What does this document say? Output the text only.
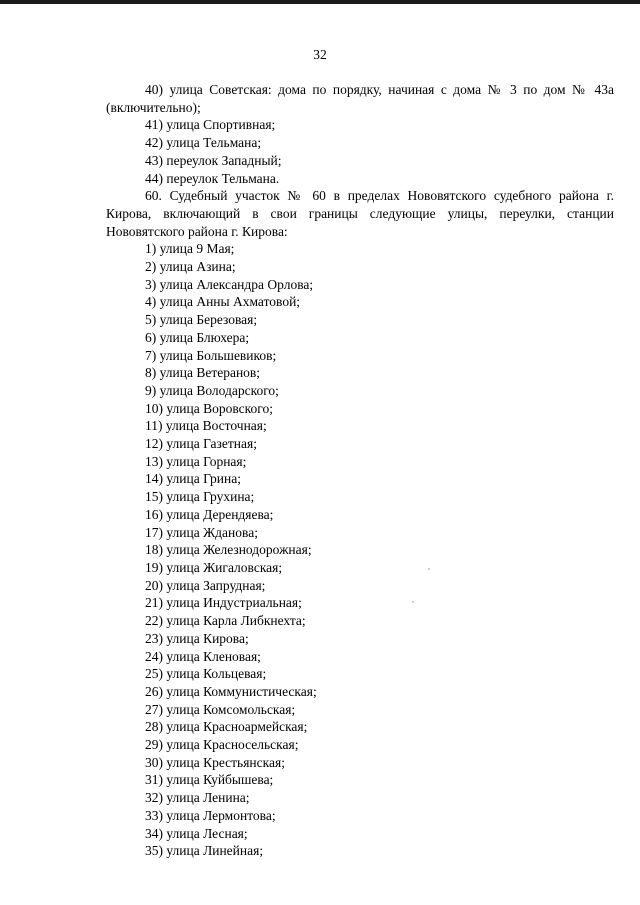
32

40) улица Советская: дома по порядку, начиная с дома № 3 по дом № 43а (включительно);

41) улица Спортивная;

42) улица Тельмана;

43) переулок Западный;

44) переулок Тельмана.

60. Судебный участок № 60 в пределах Нововятского судебного района г. Кирова, включающий в свои границы следующие улицы, переулки, станции Нововятского района г. Кирова:

1) улица 9 Мая;

2) улица Азина;

3) улица Александра Орлова;

4) улица Анны Ахматовой;

5) улица Березовая;

6) улица Блюхера;

7) улица Большевиков;

8) улица Ветеранов;

9) улица Володарского;

10) улица Воровского;

11) улица Восточная;

12) улица Газетная;

13) улица Горная;

14) улица Грина;

15) улица Грухина;

16) улица Дерендяева;

17) улица Жданова;

18) улица Железнодорожная;

19) улица Жигаловская;

20) улица Запрудная;

21) улица Индустриальная;

22) улица Карла Либкнехта;

23) улица Кирова;

24) улица Кленовая;

25) улица Кольцевая;

26) улица Коммунистическая;

27) улица Комсомольская;

28) улица Красноармейская;

29) улица Красносельская;

30) улица Крестьянская;

31) улица Куйбышева;

32) улица Ленина;

33) улица Лермонтова;

34) улица Лесная;

35) улица Линейная;
